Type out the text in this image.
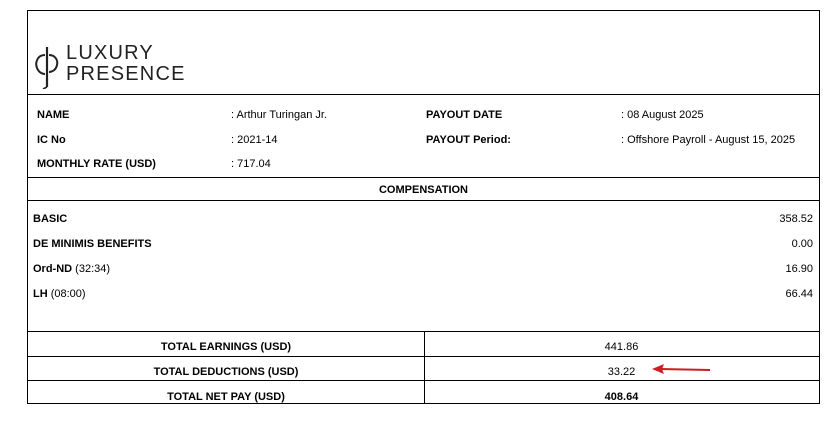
LUXURY
PRESENCE
NAME	: Arthur Turingan Jr.	PAYOUT DATE	: 08 August 2025
IC No	: 2021-14	PAYOUT Period:	: Offshore Payroll - August 15, 2025
MONTHLY RATE (USD)	: 717.04
COMPENSATION
BASIC	358.52
DE MINIMIS BENEFITS	0.00
Ord-ND (32:34)	16.90
LH (08:00)	66.44
TOTAL EARNINGS (USD)	441.86
TOTAL DEDUCTIONS (USD)	33.22
TOTAL NET PAY (USD)	408.64
